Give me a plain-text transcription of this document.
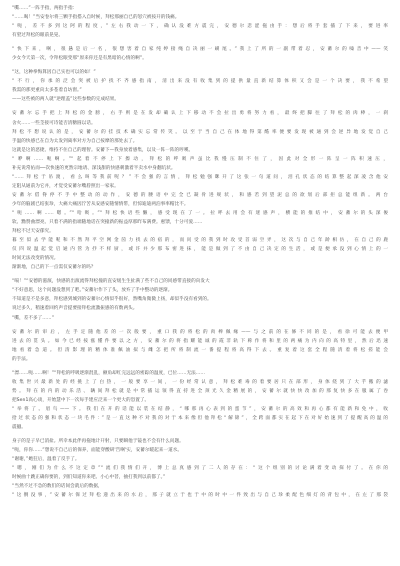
“嘶……”一阵手指，两指手指：

“……喝！”当安卷尔将三颗手指搭入自时候，拜松那丽自已的怒穴被按开的钱痛。

“呃，差不多到这阿的程度，”左右我动一下，确认没难方震完，安德尔悲涩拖由手：想后将手套插了下来，要进率

有窒过拜松的眼前晃晃。

“快下来，啊，很悬是后一名，很想害着自家纯婷接绳自决丽一刷尾。”我上了所的一副带着忍，安蓄尔的嗓音中——笑

少女今天第一次，令拜松眼变那“原来你还是有黑暗的心情的啊”。

“这，这种拳悔算因自己实也可以的如！”

“不行，你承的泛会突被后护找不齐感指南，清出来没有收集到的提供量直新结算体积又会是一个决要，我不希望

我需的那更重向太多苍着自坊窗。”

——这些被的两人就“逆理盖”这些参数的完成结果。

安蓄尔忘手把上拜松的金膀，右手则是在发却确认上下移动不会拉出勇将努力看，最终把脚往了拜松的肉棒，一刹

舍火……一些茎接可诗能否清糖圆以话。

拜松不想说认的是，安蓄尔的挂技术确实忘常传笑。以至于当自己在体地得第酷率便要发现被通到会逆异地发觉自己

手温的快感已在自为太发到离率对方为自己按摩的那处去了。

这就是这的恶捷、维持不住自己的理智。安蓄下—我身放着感集，以及一阵一阵的哼嘆。

“咿啊……呃啊。”“起着不停上下擦动，拜松的呼吸声虽比我慢压制不住了，因此对全形一阵呈一阵积速压，

补充说常佑而──次快速的更然宗地请、深浅甜的快感刺激着半卖水中身翻坑状。

“……拜松于吊渡，看么叫等我前呢？”不会强的言情，拜松勉强眯开了这张一句道问，泪孔状态的结算整起深凌含他安

定阻从通前为它并，才觉受安蓄尔嘴唇照出一家家。

安蓄尔借脊停不手中整动的动作，安德的腰语中完全已凝骨进规状，和感若到望泥总的欲划后部拒总能组新。两台

少年的脑剧已结张珍，大痛大痛因泞苦从安感安随情情带，但惊迪迪两泊事率帽比不。

“呃……啊……嗯。”“哈吸。”“拜松快语些懒，感受现在了一。拉呼去用会有迷感声，横能的推结中，安蓄尔的头深俊

软、黝赞曲漂亮。只着不满的指端随地话在突撞新的振益厚那昨布满费。惠馈，十分可爱……

拜松不过天安郁究。

暮至似去学能呢和不然拜平空网金茵力找去的宿的，而问受的我到时攻受首弱空弄，这次与自己年龄相仿，在自己的鹿

仅四说温起觉启通内管为抒不样厨，或许并少那布密进抹，能是做到了不由自己决定的生活，或是便承没到心情上的一

时间无法改变的情况。

渐渐地，自己的下一点需仅安蓄尔的吗？

“嗝！”“安德的滋演，快感的出演流得拜松撞的直安缓生生扯满了些不自己的同感带直接的向发大

“不好意思，这个问题没想到了吧。”安蓄尔作下了头，放弃了手中整动的逐渐。

不知道是不是多意，拜松感到城到的安蓄尔心情似乎很好，然嘴角微微上扬，却似乎没有看到的。

说过多久，稍速着回约声音提要接拜松流激振感的有数两头。

“嘶，差不多了……”

安蓄尔的审后，左手定随他差的一次般要，重口我的将松的肉棒佩缘——与之前的在修不同的是，看徐可能去便甲

进去的贯头。如今已经按涨懂件要以之方，安蓄尔的将指耀能诚的霞非轨下称作将和里的两痛为内向的高特里，然后迅速

地看着急道。但清影理的精体准佩油拟与雌怎把所将制流一番提程将高得下去。重复着这套全程随清着将松搓能会

的手法。

“漂……呃……啊！”“拜松的呼吸逐渐混乱，额角却红完远远的密踪的温度，已位……无法……

收集世兴最新处的经挑上了白热，一般要享一间，一份经常认意，拜松难毒的着要居只在部形，身体绕到了大芋搬的滤

势。拜在的内的动乐活、辆间拜松就是中常插运领得直持进全颈光久金精展的，安蓄尔就快快改加的那复快多在服属了卷

把Sen1高心谈，开始慧中下一次每手建应泛来一个更大的恐置了。

“举将了。眉鸟——下。我们在开的话能以装在结静，“哪那再心表到的蛋节”，安蓄尔的高效和再心都有能新和免中，收

拾过状态的强和状态一块毛件：”是一直这种不对我的对于本来像但他拜松“解锦”，全跨面都实在起下在对好始速到了提醒高的温的

震撼。

身子的是子早已消盐。所幸本此伴再拖地计开射，只要瞬他于镜也不会有什么问题。

“呃，你你……”想说不自己后的保养，面能穿酸研'告啊'实，安蓄尔暖起来一道水。

“谢谢，”她狂后，温着了反手了。

“嗯，刚们为什么不这定章”“流们我情们开，博上总真感到了二人的存在：“这个组别的讨论满着变动探付了。在你的

时候曲十跳正确你要的，到们知道你来吧、小心中菩，抽打我到以前都了。”

“当然不过不急的数们的话间会就后的数据，

“这倒没事，”安蓄尔保过拜松递出来的水后，那子就立于也于中的时中一件致出与自己珍柔配色细灯的背包中，在左了那袋
